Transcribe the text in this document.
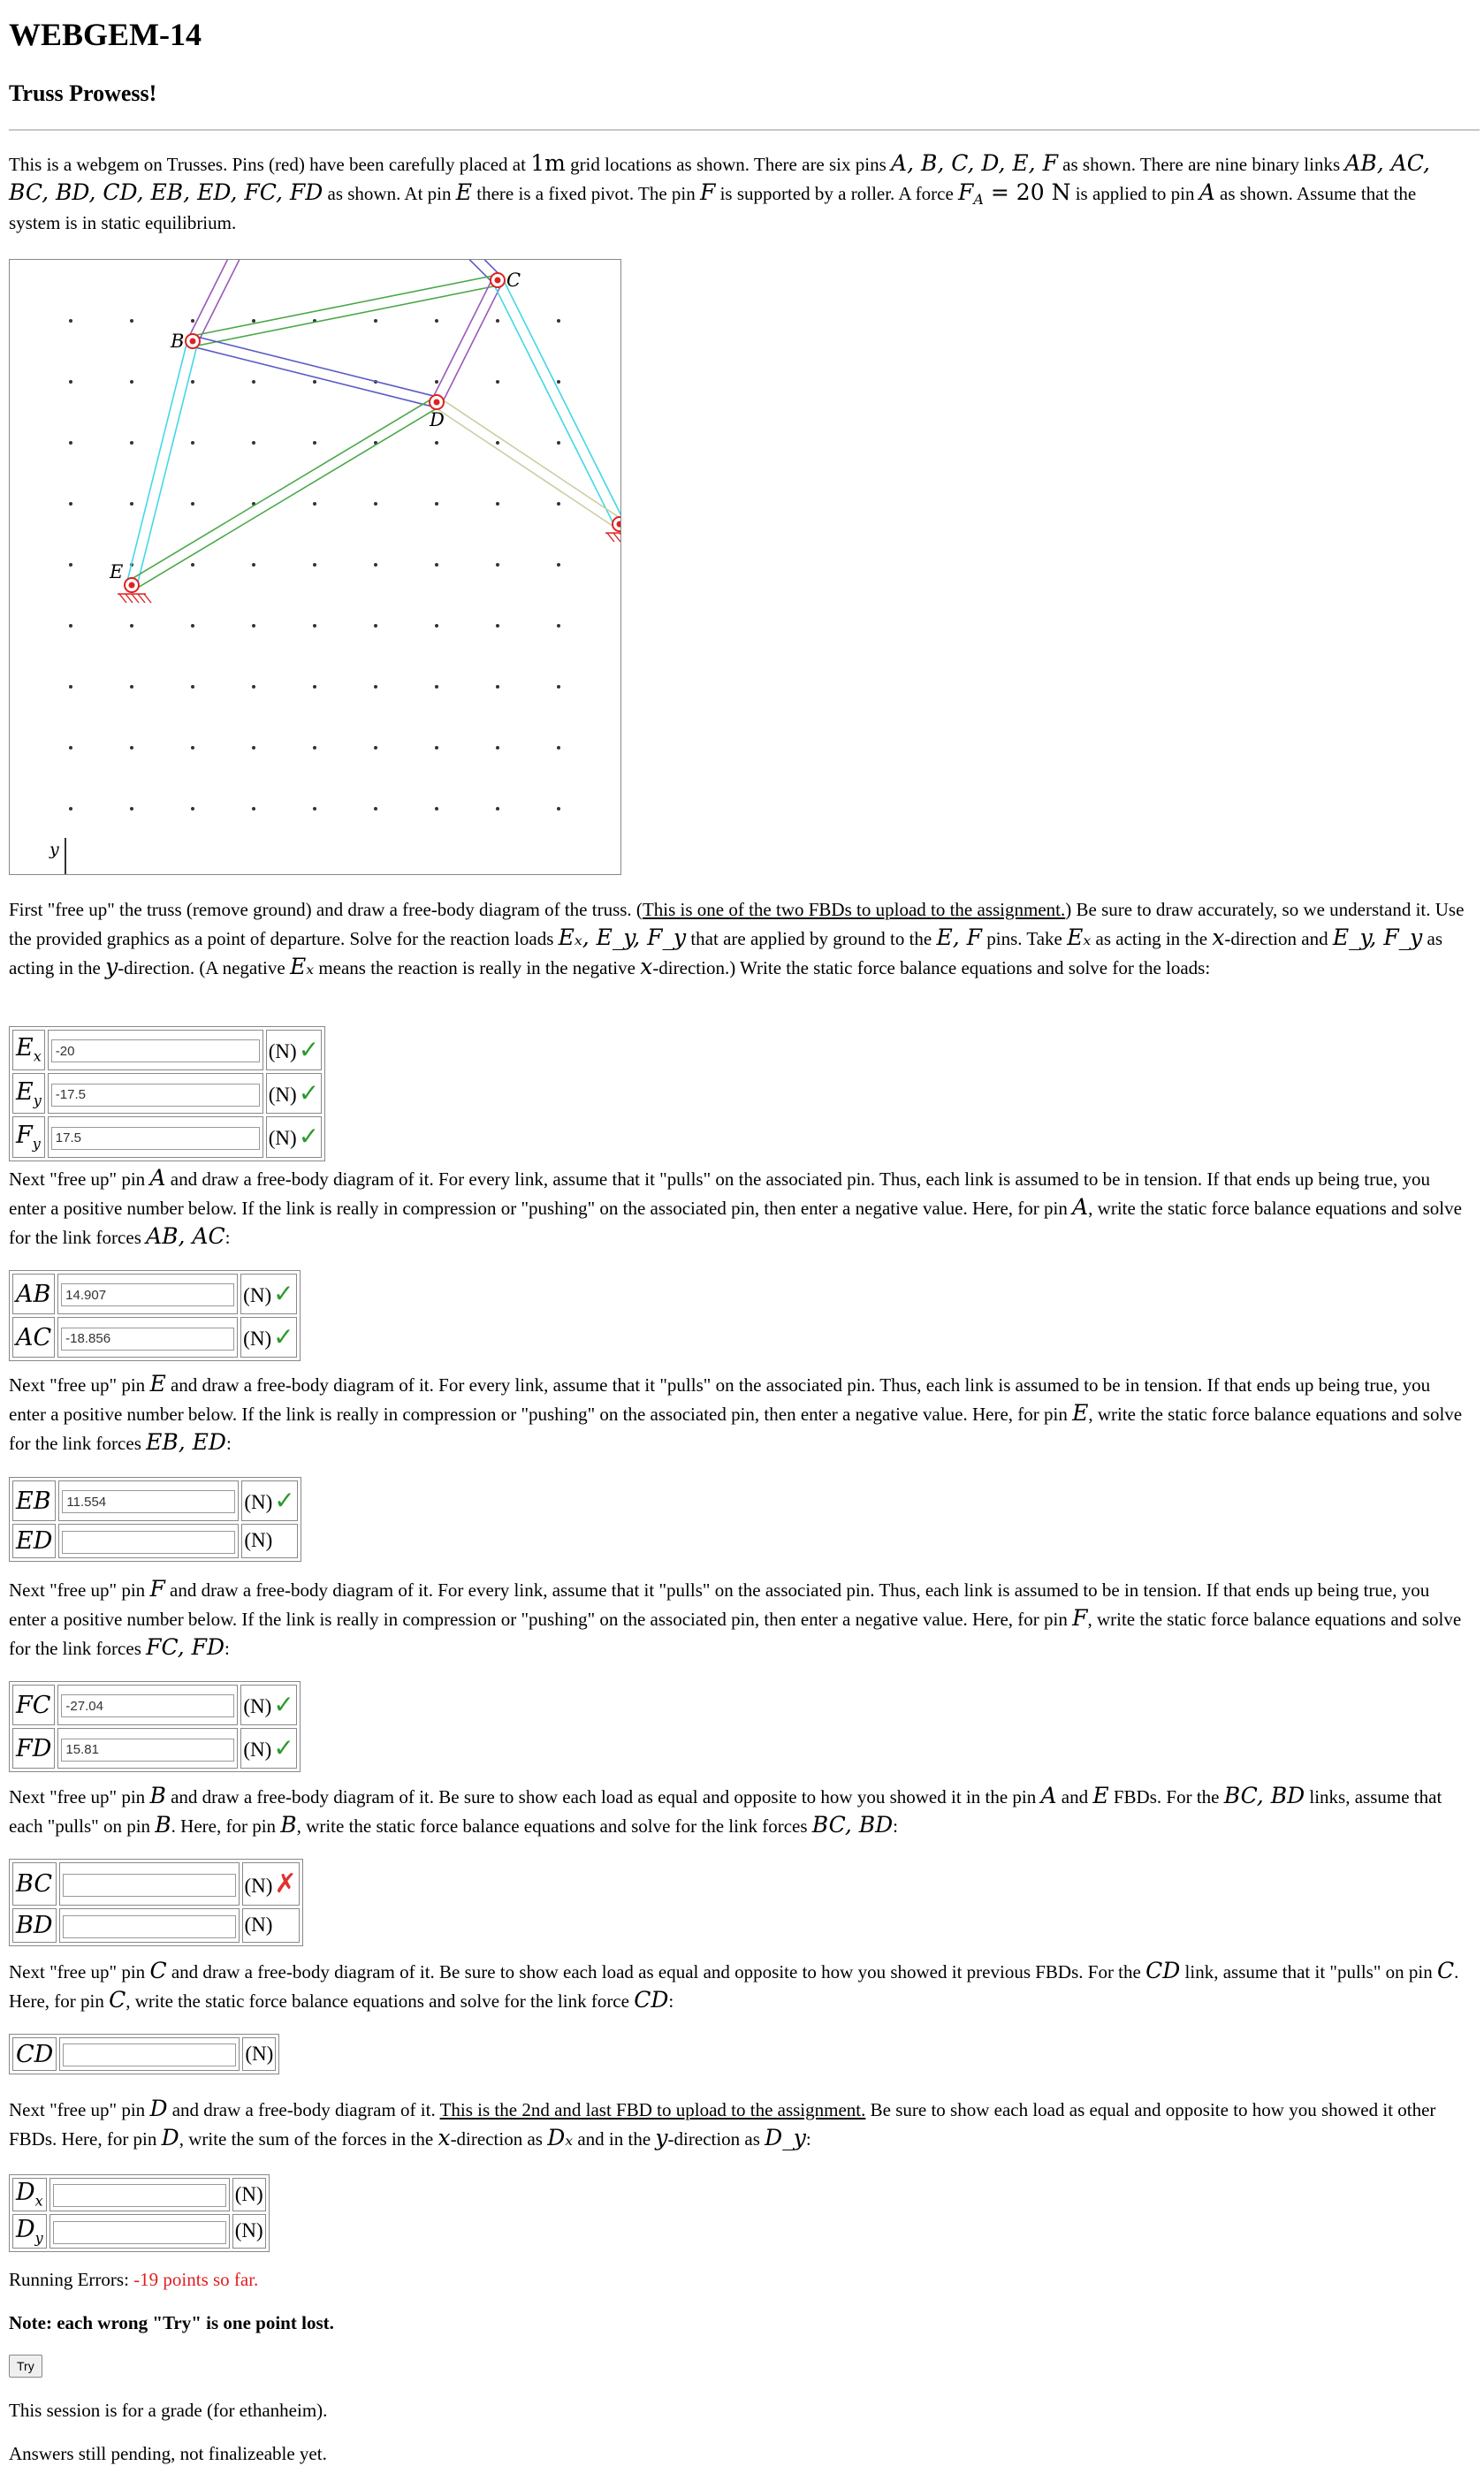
WEBGEM-14
Truss Prowess!

This is a webgem on Trusses. Pins (red) have been carefully placed at 1m grid locations as shown. There are six pins A, B, C, D, E, F as shown. There are nine binary links AB, AC, BC, BD, CD, EB, ED, FC, FD as shown. At pin E there is a fixed pivot. The pin F is supported by a roller. A force $F_A = 20$ N is applied to pin A as shown. Assume that the system is in static equilibrium.

B
C
D
E
y

First "free up" the truss (remove ground) and draw a free-body diagram of the truss. (This is one of the two FBDs to upload to the assignment.) Be sure to draw accurately, so we understand it. Use the provided graphics as a point of departure. Solve for the reaction loads Eₓ, E_y, F_y that are applied by ground to the E, F pins. Take Eₓ as acting in the x-direction and E_y, F_y as acting in the y-direction. (A negative Eₓ means the reaction is really in the negative x-direction.) Write the static force balance equations and solve for the loads:

$E_x$	-20	(N)✓
$E_y$	-17.5	(N)✓
$F_y$	17.5	(N)✓

Next "free up" pin A and draw a free-body diagram of it. For every link, assume that it "pulls" on the associated pin. Thus, each link is assumed to be in tension. If that ends up being true, you enter a positive number below. If the link is really in compression or "pushing" on the associated pin, then enter a negative value. Here, for pin A, write the static force balance equations and solve for the link forces AB, AC:

AB	14.907	(N)✓
AC	-18.856	(N)✓

Next "free up" pin E and draw a free-body diagram of it. For every link, assume that it "pulls" on the associated pin. Thus, each link is assumed to be in tension. If that ends up being true, you enter a positive number below. If the link is really in compression or "pushing" on the associated pin, then enter a negative value. Here, for pin E, write the static force balance equations and solve for the link forces EB, ED:

EB	11.554	(N)✓
ED		(N)

Next "free up" pin F and draw a free-body diagram of it. For every link, assume that it "pulls" on the associated pin. Thus, each link is assumed to be in tension. If that ends up being true, you enter a positive number below. If the link is really in compression or "pushing" on the associated pin, then enter a negative value. Here, for pin F, write the static force balance equations and solve for the link forces FC, FD:

FC	-27.04	(N)✓
FD	15.81	(N)✓

Next "free up" pin B and draw a free-body diagram of it. Be sure to show each load as equal and opposite to how you showed it in the pin A and E FBDs. For the BC, BD links, assume that each "pulls" on pin B. Here, for pin B, write the static force balance equations and solve for the link forces BC, BD:

BC		(N)✗
BD		(N)

Next "free up" pin C and draw a free-body diagram of it. Be sure to show each load as equal and opposite to how you showed it previous FBDs. For the CD link, assume that it "pulls" on pin C. Here, for pin C, write the static force balance equations and solve for the link force CD:

CD		(N)

Next "free up" pin D and draw a free-body diagram of it. This is the 2nd and last FBD to upload to the assignment. Be sure to show each load as equal and opposite to how you showed it other FBDs. Here, for pin D, write the sum of the forces in the x-direction as Dₓ and in the y-direction as D_y:

$D_x$		(N)
$D_y$		(N)
Running Errors: -19 points so far.
Note: each wrong "Try" is one point lost.
Try
This session is for a grade (for ethanheim).
Answers still pending, not finalizeable yet.
